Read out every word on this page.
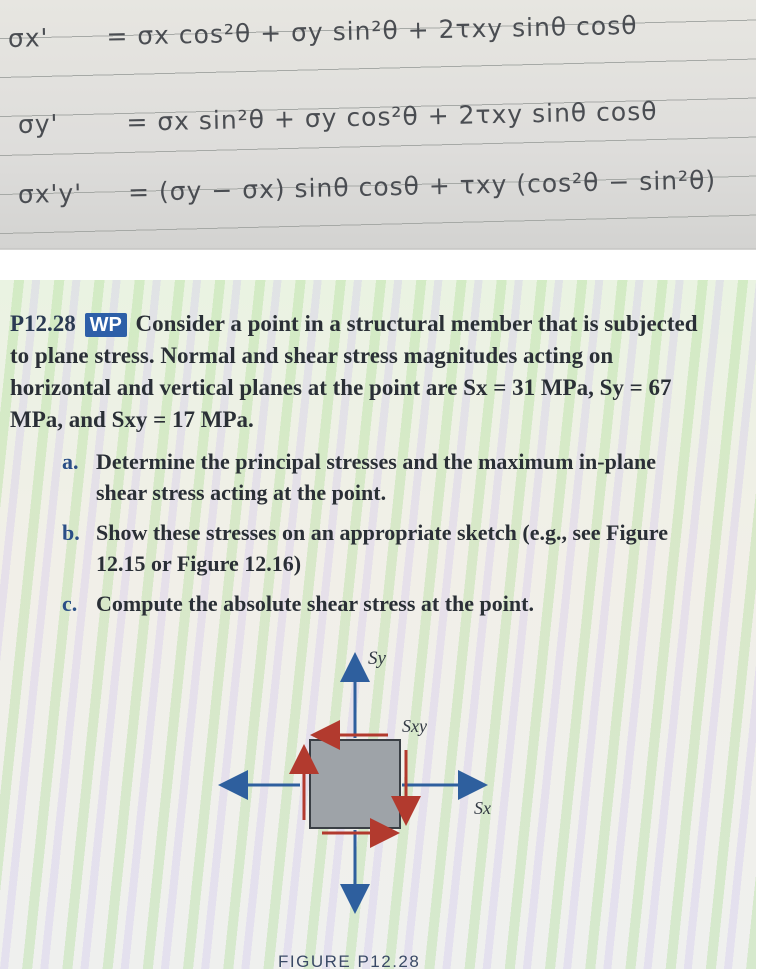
σx' = σx cos²θ + σy sin²θ + 2τxy sinθ cosθ
σy'	= σx sin²θ + σy cos²θ + 2τxy sinθ cosθ
σx'y' = (σy − σx) sinθ cosθ + τxy (cos²θ − sin²θ)
P12.28 WP Consider a point in a structural member that is subjected to plane stress. Normal and shear stress magnitudes acting on horizontal and vertical planes at the point are Sx = 31 MPa, Sy = 67 MPa, and Sxy = 17 MPa.
a. Determine the principal stresses and the maximum in-plane shear stress acting at the point.
b. Show these stresses on an appropriate sketch (e.g., see Figure 12.15 or Figure 12.16)
c. Compute the absolute shear stress at the point.
Sy
Sxy
Sx
FIGURE P12.28
